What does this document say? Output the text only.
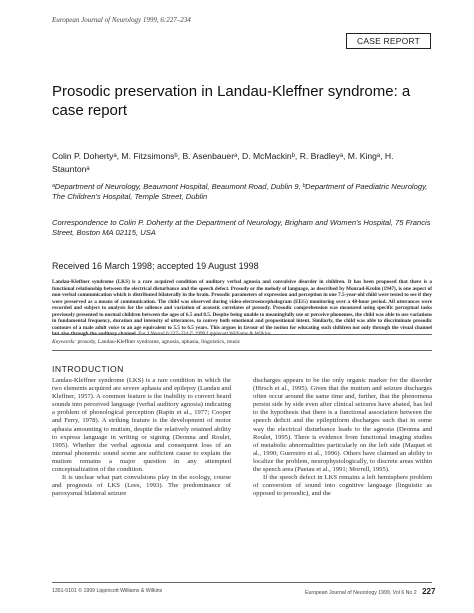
European Journal of Neurology 1999, 6:227–234
CASE REPORT
Prosodic preservation in Landau-Kleffner syndrome: a case report
Colin P. Dohertyᵃ, M. Fitzsimonsᵇ, B. Asenbauerᵃ, D. McMackinᵇ, R. Bradleyᵃ, M. Kingᵃ, H. Stauntonᵃ
ᵃDepartment of Neurology, Beaumont Hospital, Beaumont Road, Dublin 9, ᵇDepartment of Paediatric Neurology, The Children's Hospital, Temple Street, Dublin
Correspondence to Colin P. Doherty at the Department of Neurology, Brigham and Women's Hospital, 75 Francis Street, Boston MA 02115, USA
Received 16 March 1998; accepted 19 August 1998
Landau-Kleffner syndrome (LKS) is a rare acquired condition of auditory verbal agnosia and convulsive disorder in children. It has been proposed that there is a functional relationship between the electrical disturbance and the speech defect. Prosody or the melody of language, as described by Monrad-Krohn (1947), is one aspect of non-verbal communication which is distributed bilaterally in the brain. Prosodic parameters of expression and perception in one 7.5-year-old child were tested to see if they were preserved as a means of communication. The child was observed during video-electroencephalogram (EEG) monitoring over a 48-hour period. All utterances were recorded and subject to analysis for the salience and variation of acoustic correlates of prosody. Prosodic comprehension was measured using specific perceptual tasks previously presented to normal children between the ages of 6.5 and 8.5. Despite being unable to meaningfully use or perceive phonemes, the child was able to use variations in fundamental frequency, duration and intensity of utterances, to convey both emotional and propositional intent. Similarly, the child was able to discriminate prosodic contours of a male adult voice to an age equivalent to 5.5 to 6.5 years. This argues in favour of the notion for educating such children not only through the visual channel but also through the auditory channel. Eur J Neurol 6:227–234 © 1999 Lippincott Williams & Wilkins
Keywords: prosody, Landau-Kleffner syndrome, agnosia, aphasia, linguistics, music
INTRODUCTION

Landau-Kleffner syndrome (LKS) is a rare condition in which the two elements acquired are severe aphasia and epilepsy (Landau and Kleffner, 1957). A common feature is the inability to convert heard sounds into perceived language (verbal auditory agnosia) indicating a problem of phonological perception (Rapin et al., 1977; Cooper and Ferry, 1978). A striking feature is the development of motor aphasia amounting to mutism, despite the relatively retained ability to express language in writing or signing (Deonna and Roulet, 1995). Whether the verbal agnosia and consequent loss of an internal phonemic sound scene are sufficient cause to explain the mutism remains a major question in any attempted conceptualization of the condition.

It is unclear what part convulsions play in the ecology, course and prognosis of LKS (Lees, 1993). The predominance of paroxysmal bilateral seizure

discharges appears to be the only organic marker for the disorder (Hirsch et al., 1995). Given that the mutism and seizure discharges often occur around the same time and, further, that the phenomena persist side by side even after clinical seizures have abated, has led to the hypothesis that there is a functional association between the speech deficit and the epileptiform discharges such that in some way the electrical disturbance leads to the agnosia (Deonna and Roulet, 1995). There is evidence from functional imaging studies of metabolic abnormalities particularly on the left side (Maquet et al., 1990; Guerreiro et al., 1996). Others have claimed an ability to localize the problem, neurophysiologically, to discrete areas within the speech area (Paetau et al., 1991; Morrell, 1995).

If the speech defect in LKS remains a left hemisphere problem of conversion of sound into cognitive language (linguistic as opposed to prosodic), and the

1351-5101 © 1999 Lippincott Williams & Wilkins	European Journal of Neurology 1999, Vol 6 No 2 227
